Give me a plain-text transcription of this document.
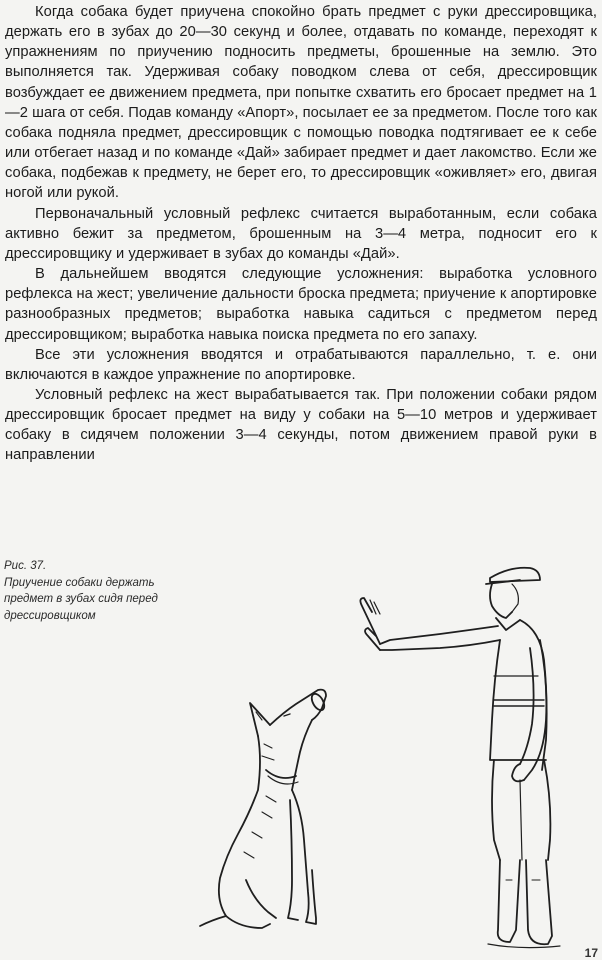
Когда собака будет приучена спокойно брать предмет с руки дрессировщика, держать его в зубах до 20—30 секунд и более, отдавать по команде, переходят к упражнениям по приучению подносить предметы, брошенные на землю. Это выполняется так. Удерживая собаку поводком слева от себя, дрессировщик возбуждает ее движением предмета, при попытке схватить его бросает предмет на 1—2 шага от себя. Подав команду «Апорт», посылает ее за предметом. После того как собака подняла предмет, дрессировщик с помощью поводка подтягивает ее к себе или отбегает назад и по команде «Дай» забирает предмет и дает лакомство. Если же собака, подбежав к предмету, не берет его, то дрессировщик «оживляет» его, двигая ногой или рукой.

Первоначальный условный рефлекс считается выработанным, если собака активно бежит за предметом, брошенным на 3—4 метра, подносит его к дрессировщику и удерживает в зубах до команды «Дай».

В дальнейшем вводятся следующие усложнения: выработка условного рефлекса на жест; увеличение дальности броска предмета; приучение к апортировке разнообразных предметов; выработка навыка садиться с предметом перед дрессировщиком; выработка навыка поиска предмета по его запаху.

Все эти усложнения вводятся и отрабатываются параллельно, т. е. они включаются в каждое упражнение по апортировке.

Условный рефлекс на жест вырабатывается так. При положении собаки рядом дрессировщик бросает предмет на виду у собаки на 5—10 метров и удерживает собаку в сидячем положении 3—4 секунды, потом движением правой руки в направлении

Рис. 37.
Приучение собаки держать предмет в зубах сидя перед дрессировщиком
17
